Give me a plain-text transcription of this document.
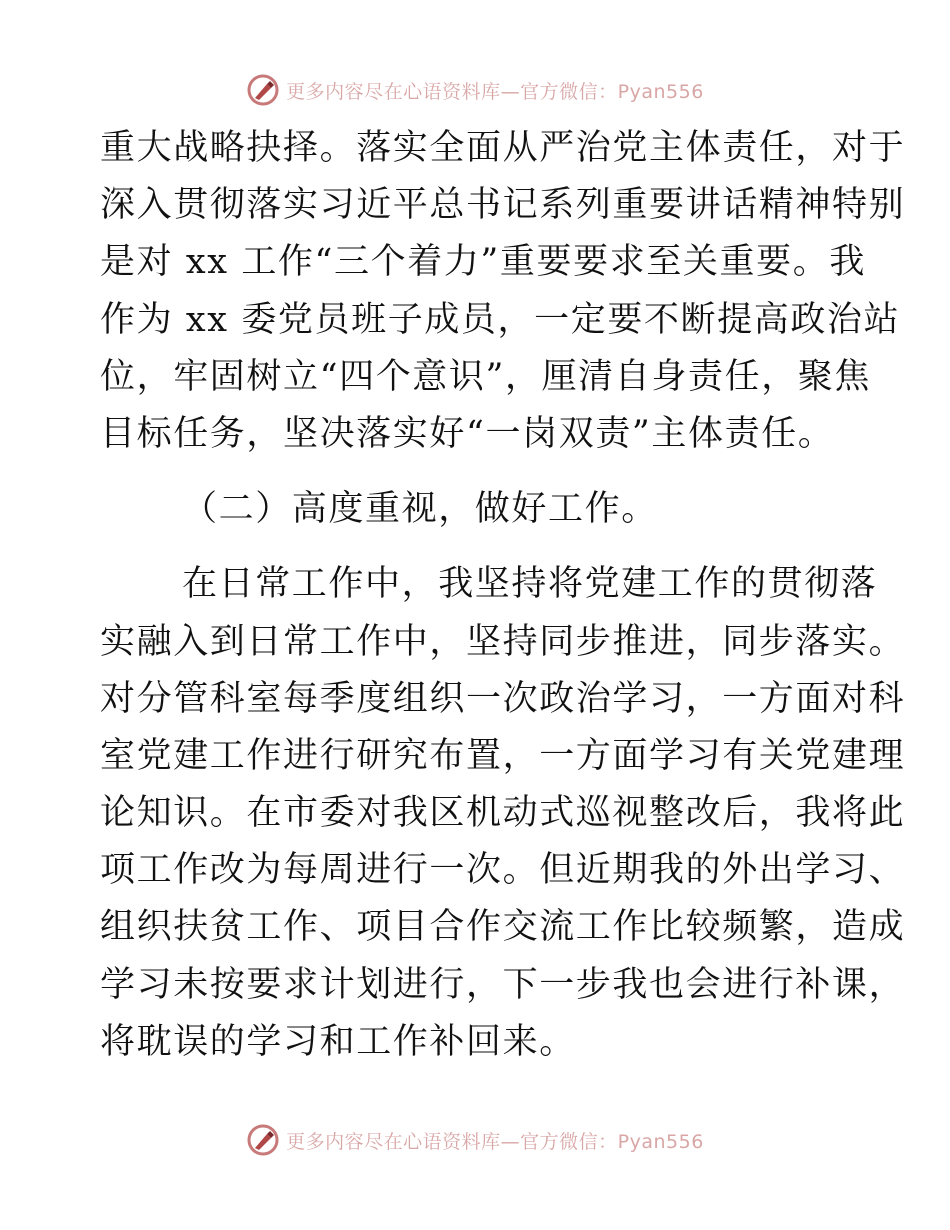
更多内容尽在心语资料库—官方微信：Pyan556
重大战略抉择。落实全面从严治党主体责任，对于
深入贯彻落实习近平总书记系列重要讲话精神特别
是对 xx 工作“三个着力”重要要求至关重要。我
作为 xx 委党员班子成员，一定要不断提高政治站
位，牢固树立“四个意识”，厘清自身责任，聚焦
目标任务，坚决落实好“一岗双责”主体责任。
（二）高度重视，做好工作。
在日常工作中，我坚持将党建工作的贯彻落
实融入到日常工作中，坚持同步推进，同步落实。
对分管科室每季度组织一次政治学习，一方面对科
室党建工作进行研究布置，一方面学习有关党建理
论知识。在市委对我区机动式巡视整改后，我将此
项工作改为每周进行一次。但近期我的外出学习、
组织扶贫工作、项目合作交流工作比较频繁，造成
学习未按要求计划进行，下一步我也会进行补课，
将耽误的学习和工作补回来。
更多内容尽在心语资料库—官方微信：Pyan556
